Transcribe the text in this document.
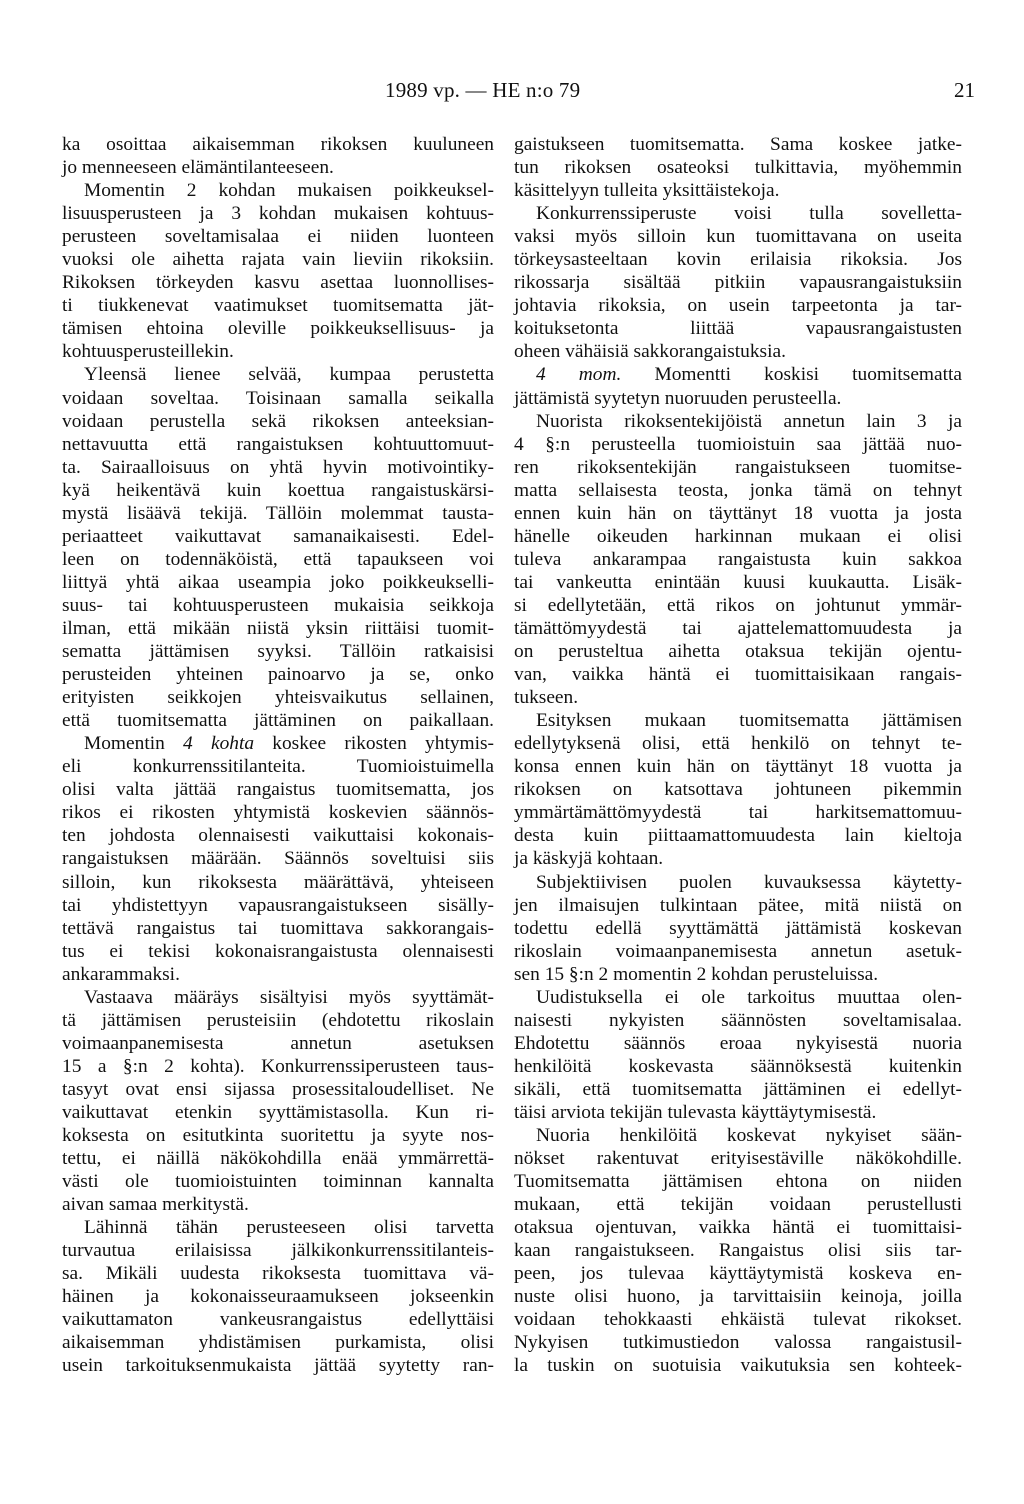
1989 vp. — HE n:o 79	21
ka osoittaa aikaisemman rikoksen kuuluneen
jo menneeseen elämäntilanteeseen.
Momentin 2 kohdan mukaisen poikkeuksel-
lisuusperusteen ja 3 kohdan mukaisen kohtuus-
perusteen soveltamisalaa ei niiden luonteen
vuoksi ole aihetta rajata vain lieviin rikoksiin.
Rikoksen törkeyden kasvu asettaa luonnollises-
ti tiukkenevat vaatimukset tuomitsematta jät-
tämisen ehtoina oleville poikkeuksellisuus- ja
kohtuusperusteillekin.
Yleensä lienee selvää, kumpaa perustetta
voidaan soveltaa. Toisinaan samalla seikalla
voidaan perustella sekä rikoksen anteeksian-
nettavuutta että rangaistuksen kohtuuttomuut-
ta. Sairaalloisuus on yhtä hyvin motivointiky-
kyä heikentävä kuin koettua rangaistuskärsi-
mystä lisäävä tekijä. Tällöin molemmat tausta-
periaatteet vaikuttavat samanaikaisesti. Edel-
leen on todennäköistä, että tapaukseen voi
liittyä yhtä aikaa useampia joko poikkeukselli-
suus- tai kohtuusperusteen mukaisia seikkoja
ilman, että mikään niistä yksin riittäisi tuomit-
sematta jättämisen syyksi. Tällöin ratkaisisi
perusteiden yhteinen painoarvo ja se, onko
erityisten seikkojen yhteisvaikutus sellainen,
että tuomitsematta jättäminen on paikallaan.
Momentin 4 kohta koskee rikosten yhtymis-
eli konkurrenssitilanteita. Tuomioistuimella
olisi valta jättää rangaistus tuomitsematta, jos
rikos ei rikosten yhtymistä koskevien säännös-
ten johdosta olennaisesti vaikuttaisi kokonais-
rangaistuksen määrään. Säännös soveltuisi siis
silloin, kun rikoksesta määrättävä, yhteiseen
tai yhdistettyyn vapausrangaistukseen sisälly-
tettävä rangaistus tai tuomittava sakkorangais-
tus ei tekisi kokonaisrangaistusta olennaisesti
ankarammaksi.
Vastaava määräys sisältyisi myös syyttämät-
tä jättämisen perusteisiin (ehdotettu rikoslain
voimaanpanemisesta annetun asetuksen
15 a §:n 2 kohta). Konkurrenssiperusteen taus-
tasyyt ovat ensi sijassa prosessitaloudelliset. Ne
vaikuttavat etenkin syyttämistasolla. Kun ri-
koksesta on esitutkinta suoritettu ja syyte nos-
tettu, ei näillä näkökohdilla enää ymmärrettä-
västi ole tuomioistuinten toiminnan kannalta
aivan samaa merkitystä.
Lähinnä tähän perusteeseen olisi tarvetta
turvautua erilaisissa jälkikonkurrenssitilanteis-
sa. Mikäli uudesta rikoksesta tuomittava vä-
häinen ja kokonaisseuraamukseen jokseenkin
vaikuttamaton vankeusrangaistus edellyttäisi
aikaisemman yhdistämisen purkamista, olisi
usein tarkoituksenmukaista jättää syytetty ran-
gaistukseen tuomitsematta. Sama koskee jatke-
tun rikoksen osateoksi tulkittavia, myöhemmin
käsittelyyn tulleita yksittäistekoja.
Konkurrenssiperuste voisi tulla sovelletta-
vaksi myös silloin kun tuomittavana on useita
törkeysasteeltaan kovin erilaisia rikoksia. Jos
rikossarja sisältää pitkiin vapausrangaistuksiin
johtavia rikoksia, on usein tarpeetonta ja tar-
koituksetonta liittää vapausrangaistusten
oheen vähäisiä sakkorangaistuksia.
4 mom. Momentti koskisi tuomitsematta
jättämistä syytetyn nuoruuden perusteella.
Nuorista rikoksentekijöistä annetun lain 3 ja
4 §:n perusteella tuomioistuin saa jättää nuo-
ren rikoksentekijän rangaistukseen tuomitse-
matta sellaisesta teosta, jonka tämä on tehnyt
ennen kuin hän on täyttänyt 18 vuotta ja josta
hänelle oikeuden harkinnan mukaan ei olisi
tuleva ankarampaa rangaistusta kuin sakkoa
tai vankeutta enintään kuusi kuukautta. Lisäk-
si edellytetään, että rikos on johtunut ymmär-
tämättömyydestä tai ajattelemattomuudesta ja
on perusteltua aihetta otaksua tekijän ojentu-
van, vaikka häntä ei tuomittaisikaan rangais-
tukseen.
Esityksen mukaan tuomitsematta jättämisen
edellytyksenä olisi, että henkilö on tehnyt te-
konsa ennen kuin hän on täyttänyt 18 vuotta ja
rikoksen on katsottava johtuneen pikemmin
ymmärtämättömyydestä tai harkitsemattomuu-
desta kuin piittaamattomuudesta lain kieltoja
ja käskyjä kohtaan.
Subjektiivisen puolen kuvauksessa käytetty-
jen ilmaisujen tulkintaan pätee, mitä niistä on
todettu edellä syyttämättä jättämistä koskevan
rikoslain voimaanpanemisesta annetun asetuk-
sen 15 §:n 2 momentin 2 kohdan perusteluissa.
Uudistuksella ei ole tarkoitus muuttaa olen-
naisesti nykyisten säännösten soveltamisalaa.
Ehdotettu säännös eroaa nykyisestä nuoria
henkilöitä koskevasta säännöksestä kuitenkin
sikäli, että tuomitsematta jättäminen ei edellyt-
täisi arviota tekijän tulevasta käyttäytymisestä.
Nuoria henkilöitä koskevat nykyiset sään-
nökset rakentuvat erityisestäville näkökohdille.
Tuomitsematta jättämisen ehtona on niiden
mukaan, että tekijän voidaan perustellusti
otaksua ojentuvan, vaikka häntä ei tuomittaisi-
kaan rangaistukseen. Rangaistus olisi siis tar-
peen, jos tulevaa käyttäytymistä koskeva en-
nuste olisi huono, ja tarvittaisiin keinoja, joilla
voidaan tehokkaasti ehkäistä tulevat rikokset.
Nykyisen tutkimustiedon valossa rangaistusil-
la tuskin on suotuisia vaikutuksia sen kohteek-
